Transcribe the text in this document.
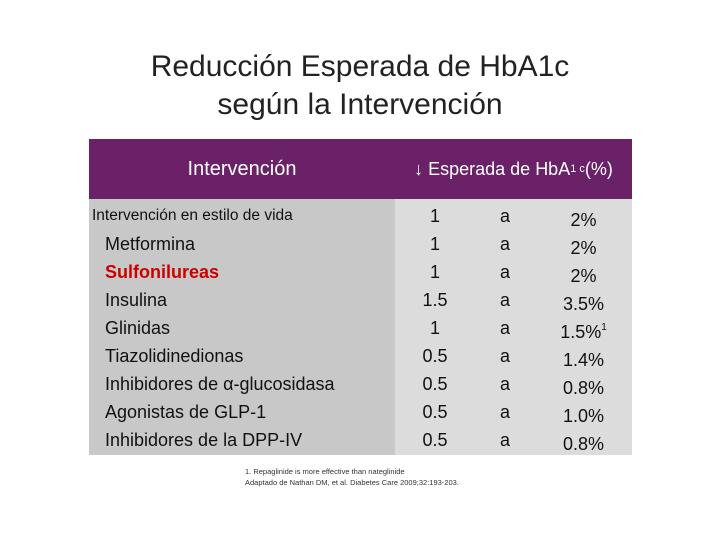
Reducción Esperada de HbA1c
según la Intervención
Intervención	↓ Esperada de HbA 1 c (%)
Intervención en estilo de vida	1	a	2%
Metformina	1	a	2%
Sulfonilureas	1	a	2%
Insulina	1.5	a	3.5%
Glinidas	1	a	1.5%$^1$
Tiazolidinedionas	0.5	a	1.4%
Inhibidores de α-glucosidasa	0.5	a	0.8%
Agonistas de GLP-1	0.5	a	1.0%
Inhibidores de la DPP-IV	0.5	a	0.8%
1. Repaglinide is more effective than nateglinide
Adaptado de Nathan DM, et al. Diabetes Care 2009;32:193-203.
